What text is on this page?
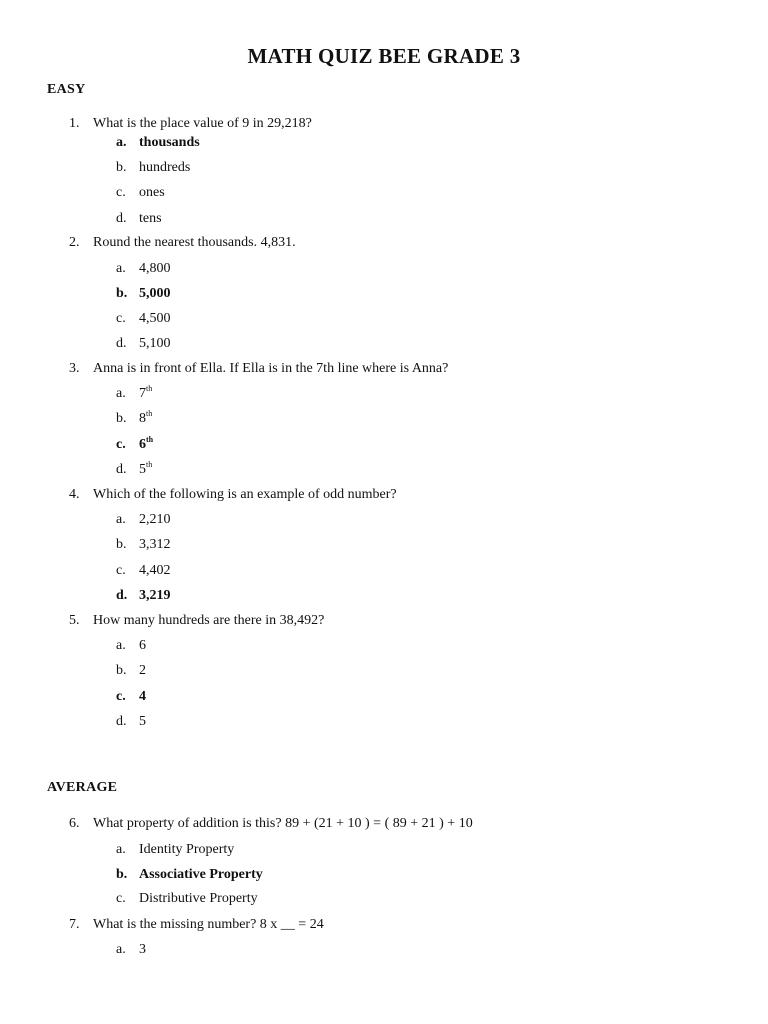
MATH QUIZ BEE GRADE 3
EASY
AVERAGE
1. What is the place value of 9 in 29,218?
a. thousands
b. hundreds
c. ones
d. tens
2. Round the nearest thousands. 4,831.
a. 4,800
b. 5,000
c. 4,500
d. 5,100
3. Anna is in front of Ella. If Ella is in the 7th line where is Anna?
a. 7th
b. 8th
c. 6th
d. 5th
4. Which of the following is an example of odd number?
a. 2,210
b. 3,312
c. 4,402
d. 3,219
5. How many hundreds are there in 38,492?
a. 6
b. 2
c. 4
d. 5
6. What property of addition is this? 89 + (21 + 10 ) = ( 89 + 21 ) + 10
a. Identity Property
b. Associative Property
c. Distributive Property
7. What is the missing number? 8 x __ = 24
a. 3
